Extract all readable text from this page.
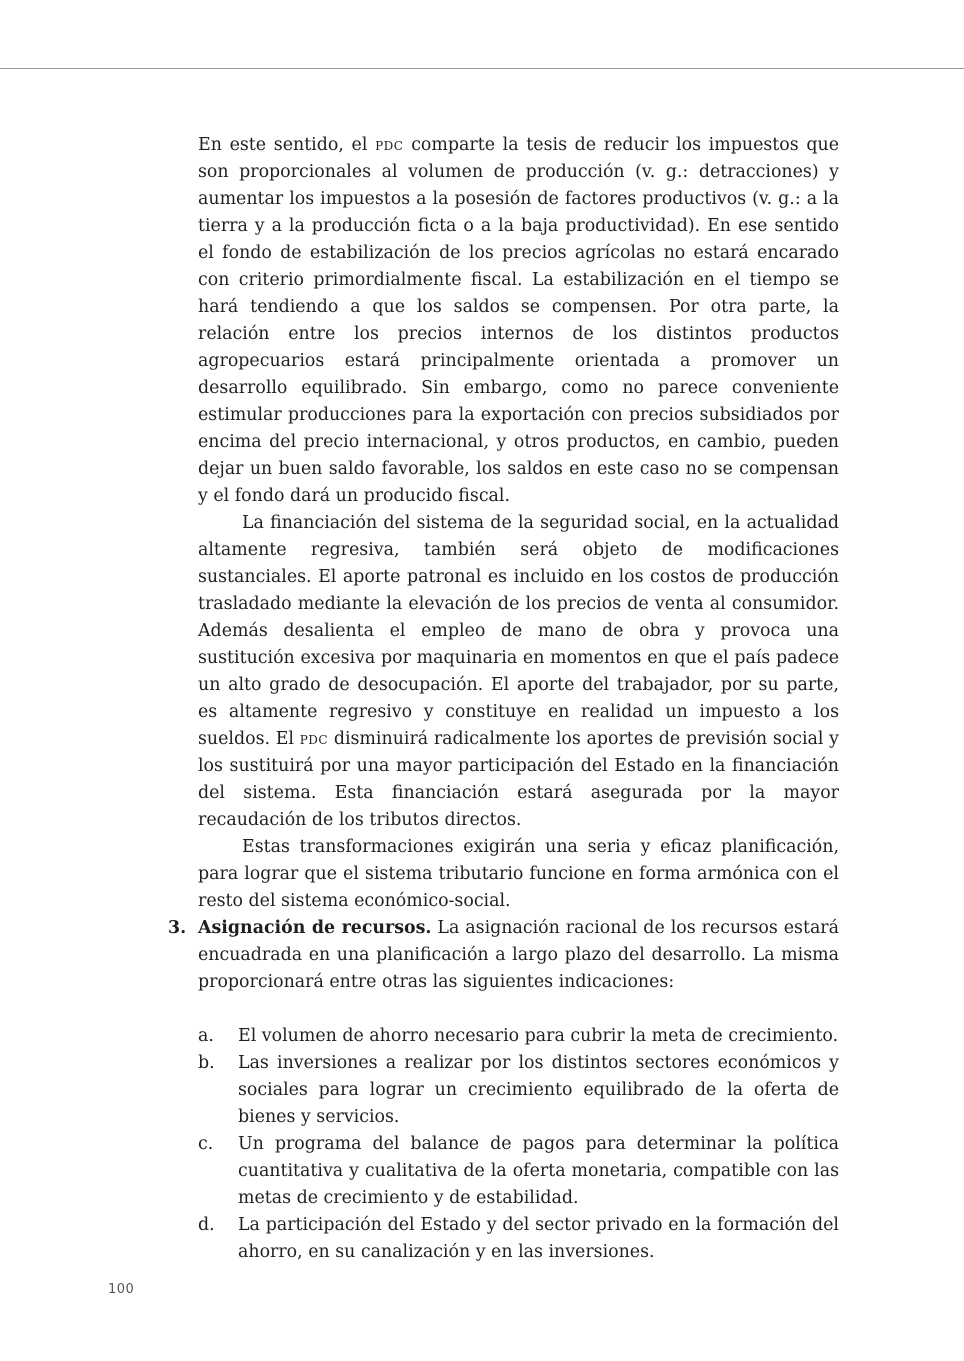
En este sentido, el pdc comparte la tesis de reducir los impuestos que son proporcionales al volumen de producción (v. g.: detracciones) y aumentar los impuestos a la posesión de factores productivos (v. g.: a la tierra y a la producción ficta o a la baja productividad). En ese sentido el fondo de estabilización de los precios agrícolas no estará encarado con criterio primordialmente fiscal. La estabilización en el tiempo se hará tendiendo a que los saldos se compensen. Por otra parte, la relación entre los precios internos de los distintos productos agropecuarios estará principalmente orientada a promover un desarrollo equilibrado. Sin embargo, como no parece conveniente estimular producciones para la exportación con precios subsidiados por encima del precio internacional, y otros productos, en cambio, pueden dejar un buen saldo favorable, los saldos en este caso no se compensan y el fondo dará un producido fiscal.

La financiación del sistema de la seguridad social, en la actualidad altamente regresiva, también será objeto de modificaciones sustanciales. El aporte patronal es incluido en los costos de producción trasladado mediante la elevación de los precios de venta al consumidor. Además desalienta el empleo de mano de obra y provoca una sustitución excesiva por maquinaria en momentos en que el país padece un alto grado de desocupación. El aporte del trabajador, por su parte, es altamente regresivo y constituye en realidad un impuesto a los sueldos. El pdc disminuirá radicalmente los aportes de previsión social y los sustituirá por una mayor participación del Estado en la financiación del sistema. Esta financiación estará asegurada por la mayor recaudación de los tributos directos.

Estas transformaciones exigirán una seria y eficaz planificación, para lograr que el sistema tributario funcione en forma armónica con el resto del sistema económico-social.

3. Asignación de recursos. La asignación racional de los recursos estará encuadrada en una planificación a largo plazo del desarrollo. La misma proporcionará entre otras las siguientes indicaciones:

a. El volumen de ahorro necesario para cubrir la meta de crecimiento.
b. Las inversiones a realizar por los distintos sectores económicos y sociales para lograr un crecimiento equilibrado de la oferta de bienes y servicios.
c. Un programa del balance de pagos para determinar la política cuantitativa y cualitativa de la oferta monetaria, compatible con las metas de crecimiento y de estabilidad.
d. La participación del Estado y del sector privado en la formación del ahorro, en su canalización y en las inversiones.
100
